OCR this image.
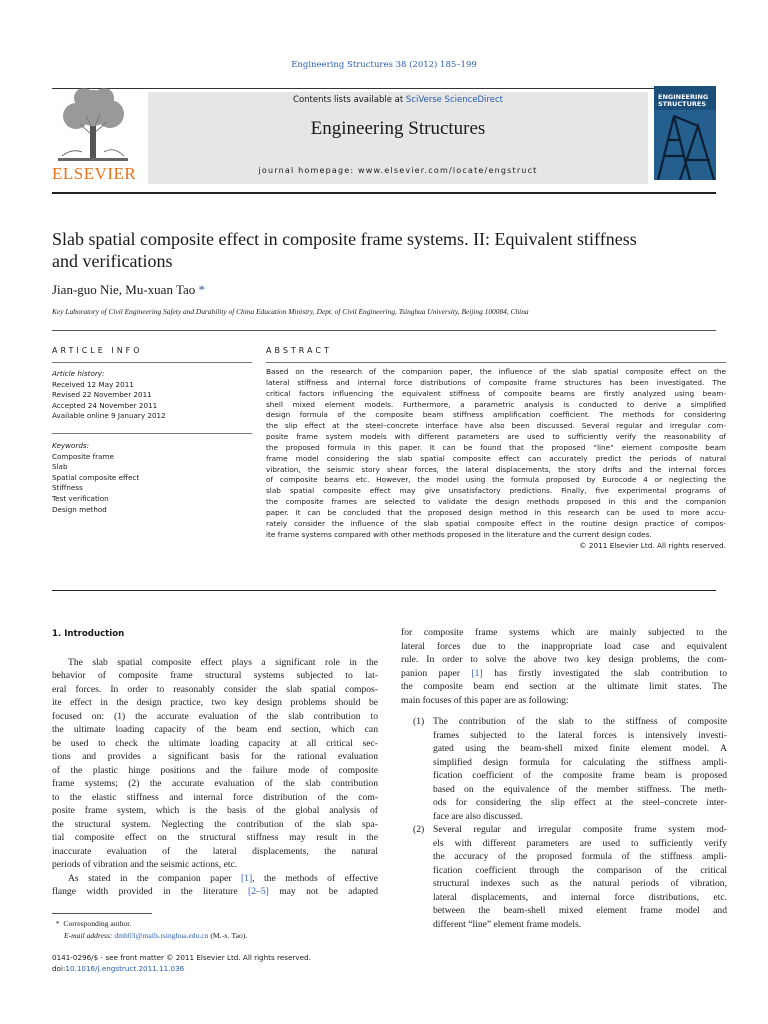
Engineering Structures 38 (2012) 185–199
ELSEVIER
Contents lists available at SciVerse ScienceDirect
Engineering Structures
journal homepage: www.elsevier.com/locate/engstruct
ENGINEERING
STRUCTURES
Slab spatial composite effect in composite frame systems. II: Equivalent stiffness
and verifications
Jian-guo Nie, Mu-xuan Tao *
Key Laboratory of Civil Engineering Safety and Durability of China Education Ministry, Dept. of Civil Engineering, Tsinghua University, Beijing 100084, China
ARTICLE INFO	ABSTRACT
Article history:
Received 12 May 2011
Revised 22 November 2011
Accepted 24 November 2011
Available online 9 January 2012
Keywords:
Composite frame
Slab
Spatial composite effect
Stiffness
Test verification
Design method
Based on the research of the companion paper, the influence of the slab spatial composite effect on the
lateral stiffness and internal force distributions of composite frame structures has been investigated. The
critical factors influencing the equivalent stiffness of composite beams are firstly analyzed using beam-
shell mixed element models. Furthermore, a parametric analysis is conducted to derive a simplified
design formula of the composite beam stiffness amplification coefficient. The methods for considering
the slip effect at the steel–concrete interface have also been discussed. Several regular and irregular com-
posite frame system models with different parameters are used to sufficiently verify the reasonability of
the proposed formula in this paper. It can be found that the proposed “line” element composite beam
frame model considering the slab spatial composite effect can accurately predict the periods of natural
vibration, the seismic story shear forces, the lateral displacements, the story drifts and the internal forces
of composite beams etc. However, the model using the formula proposed by Eurocode 4 or neglecting the
slab spatial composite effect may give unsatisfactory predictions. Finally, five experimental programs of
the composite frames are selected to validate the design methods proposed in this and the companion
paper. It can be concluded that the proposed design method in this research can be used to more accu-
rately consider the influence of the slab spatial composite effect in the routine design practice of compos-
ite frame systems compared with other methods proposed in the literature and the current design codes.
© 2011 Elsevier Ltd. All rights reserved.
1. Introduction
The slab spatial composite effect plays a significant role in the
behavior of composite frame structural systems subjected to lat-
eral forces. In order to reasonably consider the slab spatial compos-
ite effect in the design practice, two key design problems should be
focused on: (1) the accurate evaluation of the slab contribution to
the ultimate loading capacity of the beam end section, which can
be used to check the ultimate loading capacity at all critical sec-
tions and provides a significant basis for the rational evaluation
of the plastic hinge positions and the failure mode of composite
frame systems; (2) the accurate evaluation of the slab contribution
to the elastic stiffness and internal force distribution of the com-
posite frame system, which is the basis of the global analysis of
the structural system. Neglecting the contribution of the slab spa-
tial composite effect on the structural stiffness may result in the
inaccurate evaluation of the lateral displacements, the natural
periods of vibration and the seismic actions, etc.
As stated in the companion paper [1], the methods of effective
flange width provided in the literature [2–5] may not be adapted
for composite frame systems which are mainly subjected to the
lateral forces due to the inappropriate load case and equivalent
rule. In order to solve the above two key design problems, the com-
panion paper [1] has firstly investigated the slab contribution to
the composite beam end section at the ultimate limit states. The
main focuses of this paper are as following:
(1) The contribution of the slab to the stiffness of composite
frames subjected to the lateral forces is intensively investi-
gated using the beam-shell mixed finite element model. A
simplified design formula for calculating the stiffness ampli-
fication coefficient of the composite frame beam is proposed
based on the equivalence of the member stiffness. The meth-
ods for considering the slip effect at the steel–concrete inter-
face are also discussed.
(2) Several regular and irregular composite frame system mod-
els with different parameters are used to sufficiently verify
the accuracy of the proposed formula of the stiffness ampli-
fication coefficient through the comparison of the critical
structural indexes such as the natural periods of vibration,
lateral displacements, and internal force distributions, etc.
between the beam-shell mixed element frame model and
different “line” element frame models.
* Corresponding author.
E-mail address: dmh03@mails.tsinghua.edu.cn (M.-x. Tao).
0141-0296/$ - see front matter © 2011 Elsevier Ltd. All rights reserved.
doi:10.1016/j.engstruct.2011.11.036
